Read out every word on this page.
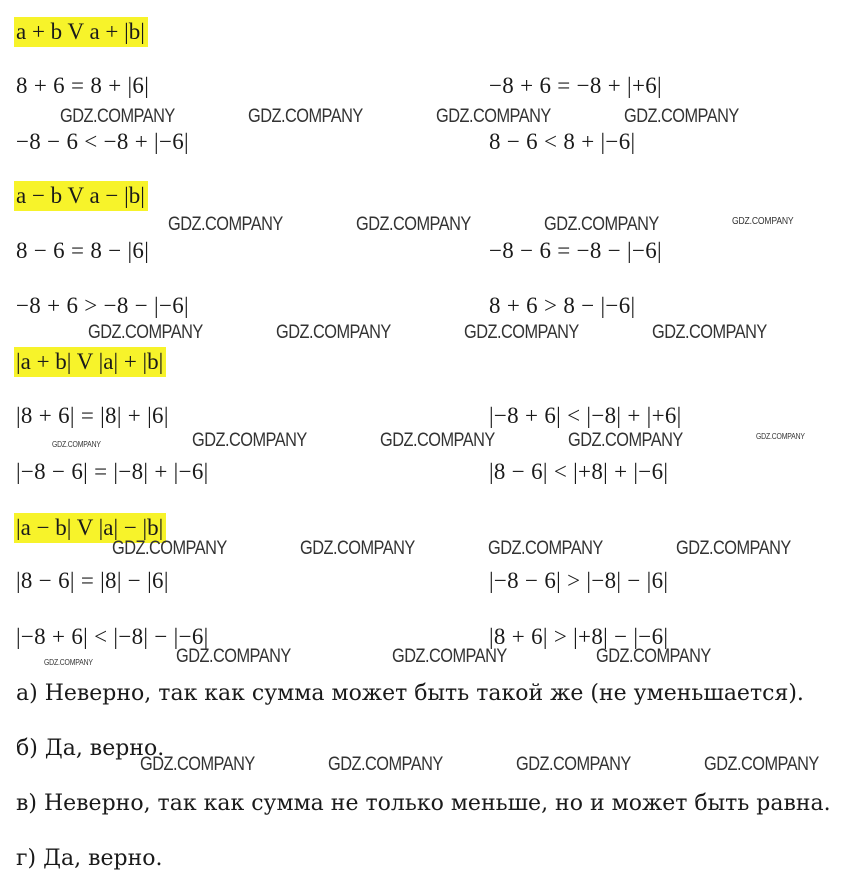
a + b V a + |b|
8 + 6 = 8 + |6|	−8 + 6 = −8 + |+6|
−8 − 6 < −8 + |−6|	8 − 6 < 8 + |−6|
a − b V a − |b|
8 − 6 = 8 − |6|	−8 − 6 = −8 − |−6|
−8 + 6 > −8 − |−6|	8 + 6 > 8 − |−6|
|a + b| V |a| + |b|
|8 + 6| = |8| + |6|	|−8 + 6| < |−8| + |+6|
|−8 − 6| = |−8| + |−6|	|8 − 6| < |+8| + |−6|
|a − b| V |a| − |b|
|8 − 6| = |8| − |6|	|−8 − 6| > |−8| − |6|
|−8 + 6| < |−8| − |−6|	|8 + 6| > |+8| − |−6|
а) Неверно, так как сумма может быть такой же (не уменьшается).
б) Да, верно.
в) Неверно, так как сумма не только меньше, но и может быть равна.
г) Да, верно.
GDZ.COMPANY	GDZ.COMPANY	GDZ.COMPANY	GDZ.COMPANY
GDZ.COMPANY	GDZ.COMPANY	GDZ.COMPANY	GDZ.COMPANY
GDZ.COMPANY	GDZ.COMPANY	GDZ.COMPANY	GDZ.COMPANY
GDZ.COMPANY	GDZ.COMPANY	GDZ.COMPANY	GDZ.COMPANY	GDZ.COMPANY
GDZ.COMPANY	GDZ.COMPANY	GDZ.COMPANY	GDZ.COMPANY
GDZ.COMPANY	GDZ.COMPANY	GDZ.COMPANY	GDZ.COMPANY
GDZ.COMPANY	GDZ.COMPANY	GDZ.COMPANY	GDZ.COMPANY
